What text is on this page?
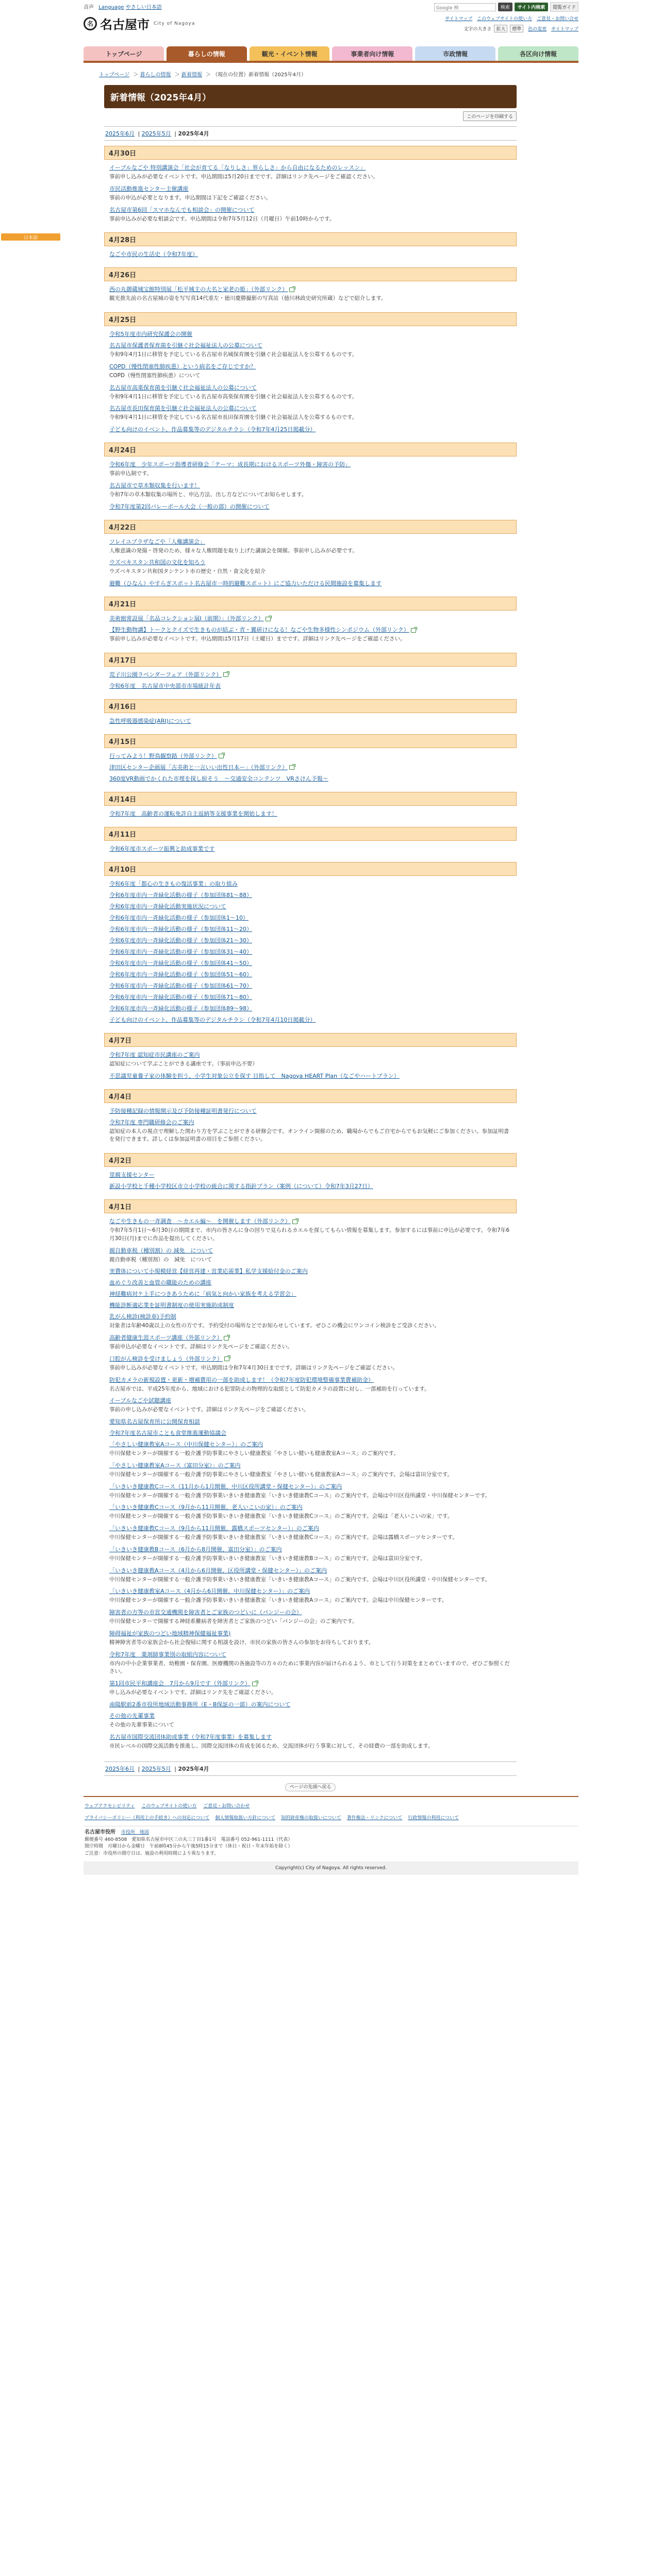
音声 Language やさしい日本語
名 名古屋市 City of Nagoya
Google 検	検索	サイト内検索	閲覧ガイド
サイトマップ このウェブサイトの使い方 ご意見・お問い合せ
文字の大きさ 拡大 標準 色の変更 サイトマップ
トップページ	暮らしの情報	観光・イベント情報	事業者向け情報	市政情報	各区向け情報
トップページ ＞ 暮らしの情報 ＞ 新着情報 ＞ （現在の位置）新着情報（2025年4月）
日本語
新着情報（2025年4月）
このページを印刷する
2025年6月 | 2025年5月 | 2025年4月
4月30日
イーブルなごや 特別講演会「社会が育てる「なりしさ」界らしさ」から自由になるためのレッスン」
事前申し込みが必要なイベントです。申込期間は5月20日までです。詳細はリンク先ページをご確認ください。
市民活動推進センター主催講座
事前の申込が必要となります。申込期間は下記をご確認ください。
名古屋市第6回「スマホなんでも相談会」の開催について
事前申込みが必要な相談会です。申込期間は令和7年5月12日（月曜日）午前10時からです。
4月28日
なごや市民の生活史（令和7年度）
4月26日
西の丸御蔵城宝館特別展「松平城主の大名と家老の姫」（外部リンク）
観光推先前の名古屋城の姿を写写真14代重左・徳川慶勝撮影の写真站（徳川林政史研究所蔵）などで紹介します。
4月25日
令和5年度市内研究保護会の開催
名古屋市保護者保育菌を引継ぐ社会福祉法人の公募について
令和9年4月1日に移管を予定している名古屋市名城保育園を引継ぐ社会福祉法人を公募するものです。
COPD（慢性閉塞性肺疾患）という病名をご存じですか？
COPD（慢性閉塞性肺疾患）について
名古屋市高楽保育菌を引継ぐ社会福祉法人の公募について
令和9年4月1日に移管を予定している名古屋市高楽保育園を引継ぐ社会福祉法人を公募するものです。
名古屋市長田保育菌を引継ぐ社会福祉法人の公募について
令和9年4月1日に移管を予定している名古屋市長田保育園を引継ぐ社会福祉法人を公募するものです。
子ども向けのイベント、作品募集等のデジタルチラシ（令和7年4月25日掲載分）
4月24日
令和6年度　少年スポーツ指導者研修会「テーマ：成長期におけるスポーツ外傷・障害の予防」
事前申込制です。
名古屋市で草木類収集を行います！
令和7年の草木類収集の場所と、申込方法、出し方などについてお知らせします。
令和7年度第2回バレーボール大会（一般の部）の開催について
4月22日
ソレイユプラザなごや「人権講演会」
人権意識の発揚・啓発のため、様々な人権問題を取り上げた講演会を開催。事前申し込みが必要です。
ウズベキスタン共和国の文化を知ろう
ウズベキスタン共和国タシケント市の歴史・自然・食文化を紹介
避難（ひなん）やすらぎスポット名古屋市一時的避難スポット）にご協力いただける民間施設を募集します
4月21日
美術館常設展「名品コレクション展I（前期）」（外部リンク）
【野生動物講】トークとクイズで生きものが結ぶ・青・翼研けになる！なごや生物多様性シンポジウム（外部リンク）
事前申し込みが必要なイベントです。申込期間は5月17日（土曜日）までです。詳細はリンク先ページをご確認ください。
4月17日
荒子川公園ラベンダーフェア（外部リンク）
令和6年度　名古屋市中央部市市場統計年表
4月16日
急性呼吸器感染症(ARI)について
4月15日
行ってみよう！野鳥観察路（外部リンク）
津田区センター企画展「古美術と一言いい出性日本ー」（外部リンク）
360度VR動画でかくれた市埋を探し紛そう　～交通安全コンテンツ　VRさけん予報～
4月14日
令和7年度　高齢者の運転免許自主返納等支援事業を開始します！
4月11日
令和6年度市スポーツ振興と助成事業です
4月10日
令和6年度「都心の生きもの復活事業」の取り組み
令和6年度市内一斉緑化活動の様子（参加団体81～88）
令和6年度市内一斉緑化活動実施状況について
令和6年度市内一斉緑化活動の様子（参加団体1～10）
令和6年度市内一斉緑化活動の様子（参加団体11～20）
令和6年度市内一斉緑化活動の様子（参加団体21～30）
令和6年度市内一斉緑化活動の様子（参加団体31～40）
令和6年度市内一斉緑化活動の様子（参加団体41～50）
令和6年度市内一斉緑化活動の様子（参加団体51～60）
令和6年度市内一斉緑化活動の様子（参加団体61～70）
令和6年度市内一斉緑化活動の様子（参加団体71～80）
令和6年度市内一斉緑化活動の様子（参加団体89～98）
子ども向けのイベント、作品募集等のデジタルチラシ（令和7年4月10日掲載分）
4月7日
令和7年度 認知症市民講座のご案内
認知症について学ぶことができる講座です。（事前申込不要）
不思議児童養子家の体験を担う、小学生対象公立を探す 目指して　Nagoya HEART Plan（なごやハートプラン）
4月4日
予防接種記録の情報開示及び予防接種証明書発行について
令和7年度 専門職研修会のご案内
認知症の本人の視点で理解した関わり方を学ぶことができる研修会です。オンライン開催のため、職場からでもご自宅からでもお気軽にご参加ください。参加証明書を発行できます。詳しくは参加証明書の項目をご参照ください。
4月2日
里親支援センター
新設小学校と千種小学校区市立小学校の統合に関する指針プラン（案例（について）令和7年3月27日）
4月1日
なごや生きもの一斉調査　～カエル編～　を開催します（外部リンク）
令和7年5月1日〜6月30日の期間まで、市内の皆さんに身の回りで見られるカエルを探してもらい情報を募集します。参加するには事前に申込が必要です。令和7年6月30日(月)までに作品を提出してください。
親自動車税（種別割）の 減免　について
親自動車税（種別割）の　減免　について
実費体について小規模経営【経営再建・営業応需業】私学支援給付金のご案内
血めぐり改善と血管の職能のための講座
神経難病対ケ上手につきあうために「病気と向かい家族を考える学習会」
機能診断適応業を証明書制度の使用実施助成制度
乳がん検診(検診車)予約制
対象者は年齢40歳以上の女性の方です。予約受付の場所などでお知らせしています。ぜひこの機会にワンコイン検診をご受診ください。
高齢者健康生涯スポーツ講座（外部リンク）
事前申込が必要なイベントです。詳細はリンク先ページをご確認ください。
口腔がん検診を受けましょう（外部リンク）
事前申し込みが必要なイベントです。申込期間は令和7年4月30日までです。詳細はリンク先ページをご確認ください。
防犯カメラの新規設置・更新・増補費用の一部を助成します！（令和7年度防犯環境整備事業費補助金）
名古屋市では、平成25年度から、地域における犯罪防止の物理的な取組として防犯カメラの設置に対し、一部補助を行っています。
イーブルなごや試聴講座
事前の申し込みが必要なイベントです。詳細はリンク先ページをご確認ください。
愛知県名古屋保育所に公開保育相談
令和7年度名古屋市ことも食堂推進運動協議会
「やさしい健康教室Aコース（中川保健センター）」のご案内
中川保健センターが開催する一般介護予防事業にやさしい健康教室「やさしい健いも健康教室Aコース」のご案内です。
「やさしい健康教室Aコース（富田分室）」のご案内
中川保健センターが開催する一般介護予防事業にやさしい健康教室「やさしい健いも健康教室Aコース」のご案内です。会場は富田分室です。
「いきいき健康教Cコース（11月から1月開催、中川区役所講堂・保健センター）」のご案内
中川保健センターが開催する一般介護予防事業いきいき健康教室「いきいき健康教Cコース」のご案内です。会場は中川区役所講堂・中川保健センターです。
「いきいき健康教Cコース（9月から11月開催、老人いこいの家）」のご案内
中川保健センターが開催する一般介護予防事業いきいき健康教室「いきいき健康教Cコース」のご案内です。会場は「老人いこいの家」です。
「いきいき健康教Cコース（9月から11月開催、露橋スポーツセンター）」のご案内
中川保健センターが開催する一般介護予防事業いきいき健康教室「いきいき健康教Cコース」のご案内です。会場は露橋スポーツセンターです。
「いきいき健康教Bコース（6月から8月開催、富田分室）」のご案内
中川保健センターが開催する一般介護予防事業いきいき健康教室「いきいき健康教Bコース」のご案内です。会場は富田分室です。
「いきいき健康教Aコース（4月から6月開催、区役所講堂・保健センター）」のご案内
中川保健センターが開催する一般介護予防事業いきいき健康教室「いきいき健康教Aコース」のご案内です。会場は中川区役所講堂・中川保健センターです。
「いきいき健康教室Aコース（4月から6月開催、中川保健センター）」のご案内
中川保健センターが開催する一般介護予防事業いきいき健康教室「いきいき健康教Aコース」のご案内です。会場は中川保健センターです。
障害者の方等の市営交通機関を障害者とご家族のつどいに（パンジーの会）
中川保健センターで開催する神経系難病者を障害者とご家族のつどい「パンジーの会」のご案内です。
障碍福祉が家族のつどい地域精神保健福祉事業)
精神障害者等の家族会から社会復帰に関する相談を設け、市民の家族の皆さんの参加をお待ちしております。
令和7年度　薬剤師事業別の取組内容について
市内の中小企業事業者、幼稚園・保育園、医療機関の各施設等の方々のために事業内容が届けられるよう、市として行う対策をまとめていますので、ぜひご参照ください。
第1回市民平和講座会　7月から9月です（外部リンク）
申し込みが必要なイベントです。詳細はリンク先をご確認ください。
南陽駅前2番市役所地域活動事務所（E・B保証の一部）の案内について
その他の先輩事業
その他の先輩事業について
名古屋市国際交流団体助成事業（令和7年度事業）を募集します
市民レベルの国際交流活動を推進し、国際交流団体の育成を図るため、交流団体が行う事業に対して、その経費の一部を助成します。
2025年6月 | 2025年5月 | 2025年4月
ページの先頭へ戻る
ウェブアクセシビリティ このウェブサイトの使い方 ご意見・お問い合わせ
プライバシーポリシー（利用上の手続き）への対応について 個人情報取扱い方針について 知的財産権の取扱いについて 著作権法・リンクについて 行政情報の利用について
名古屋市役所 市役所　地図
郵便番号 460-8508　愛知県名古屋市中区三の丸三丁目1番1号　電話番号 052-961-1111（代表）
閉庁時間　月曜日から金曜日　午前8時45分から午後5時15分まで（休日・祝日・年末年始を除く）
ご注意：市役所の閉庁日は、施設の利用時間により異なります。
Copyright(c) City of Nagoya. All rights reserved.
